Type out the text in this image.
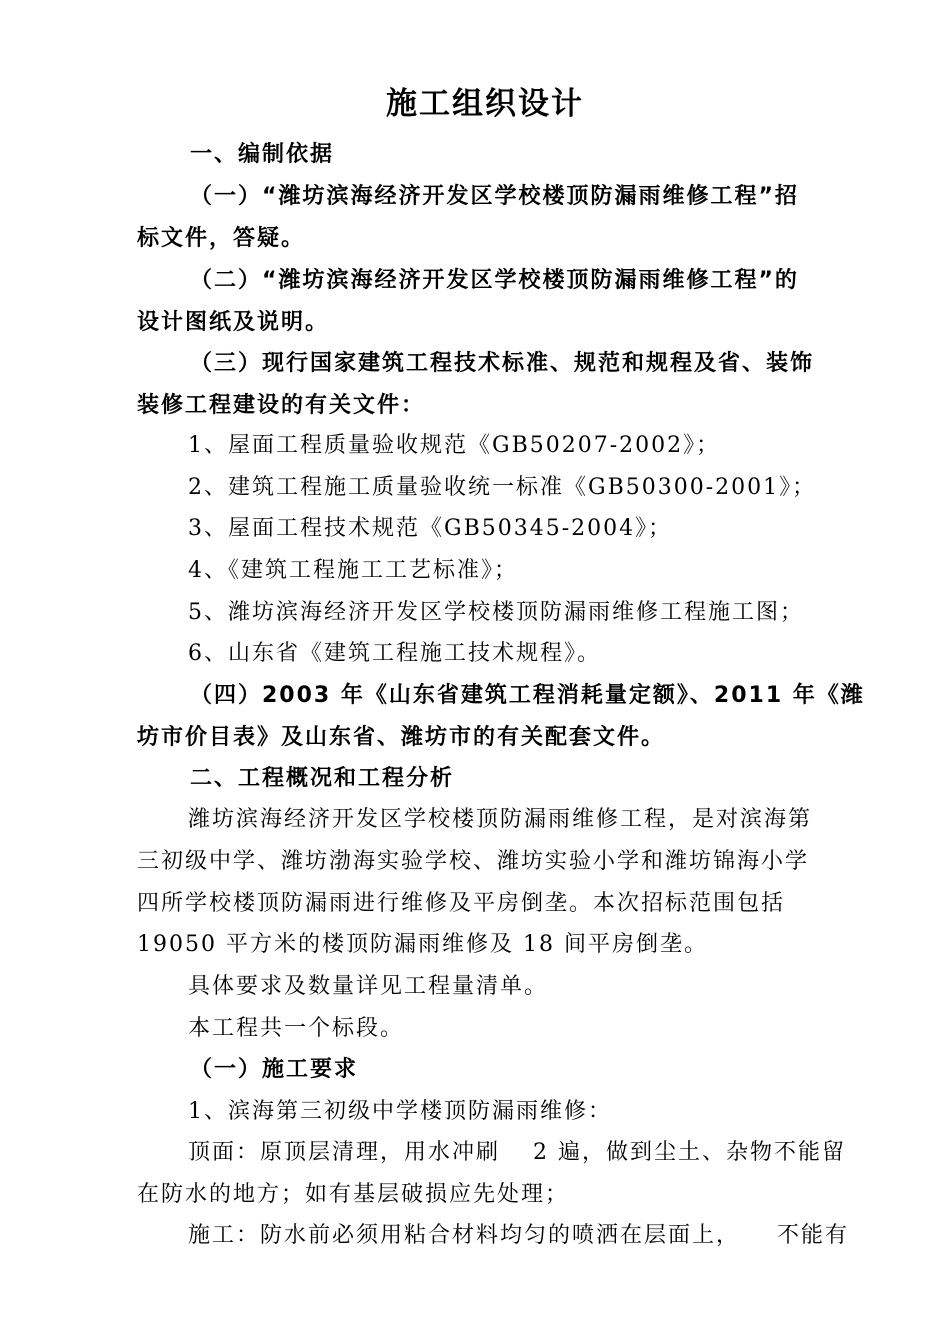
施工组织设计
一、编制依据
（一）“潍坊滨海经济开发区学校楼顶防漏雨维修工程”招
标文件，答疑。
（二）“潍坊滨海经济开发区学校楼顶防漏雨维修工程”的
设计图纸及说明。
（三）现行国家建筑工程技术标准、规范和规程及省、装饰
装修工程建设的有关文件：
1、屋面工程质量验收规范《GB50207-2002》；
2、建筑工程施工质量验收统一标准《GB50300-2001》；
3、屋面工程技术规范《GB50345-2004》；
4、《建筑工程施工工艺标准》；
5、潍坊滨海经济开发区学校楼顶防漏雨维修工程施工图；
6、山东省《建筑工程施工技术规程》。
（四）2003 年《山东省建筑工程消耗量定额》、2011 年《潍
坊市价目表》及山东省、潍坊市的有关配套文件。
二、工程概况和工程分析
潍坊滨海经济开发区学校楼顶防漏雨维修工程，是对滨海第
三初级中学、潍坊渤海实验学校、潍坊实验小学和潍坊锦海小学
四所学校楼顶防漏雨进行维修及平房倒垄。本次招标范围包括
19050 平方米的楼顶防漏雨维修及 18 间平房倒垄。
具体要求及数量详见工程量清单。
本工程共一个标段。
（一）施工要求
1、滨海第三初级中学楼顶防漏雨维修：
顶面：原顶层清理，用水冲刷　 2 遍，做到尘土、杂物不能留
在防水的地方；如有基层破损应先处理；
施工：防水前必须用粘合材料均匀的喷洒在层面上，　　不能有
